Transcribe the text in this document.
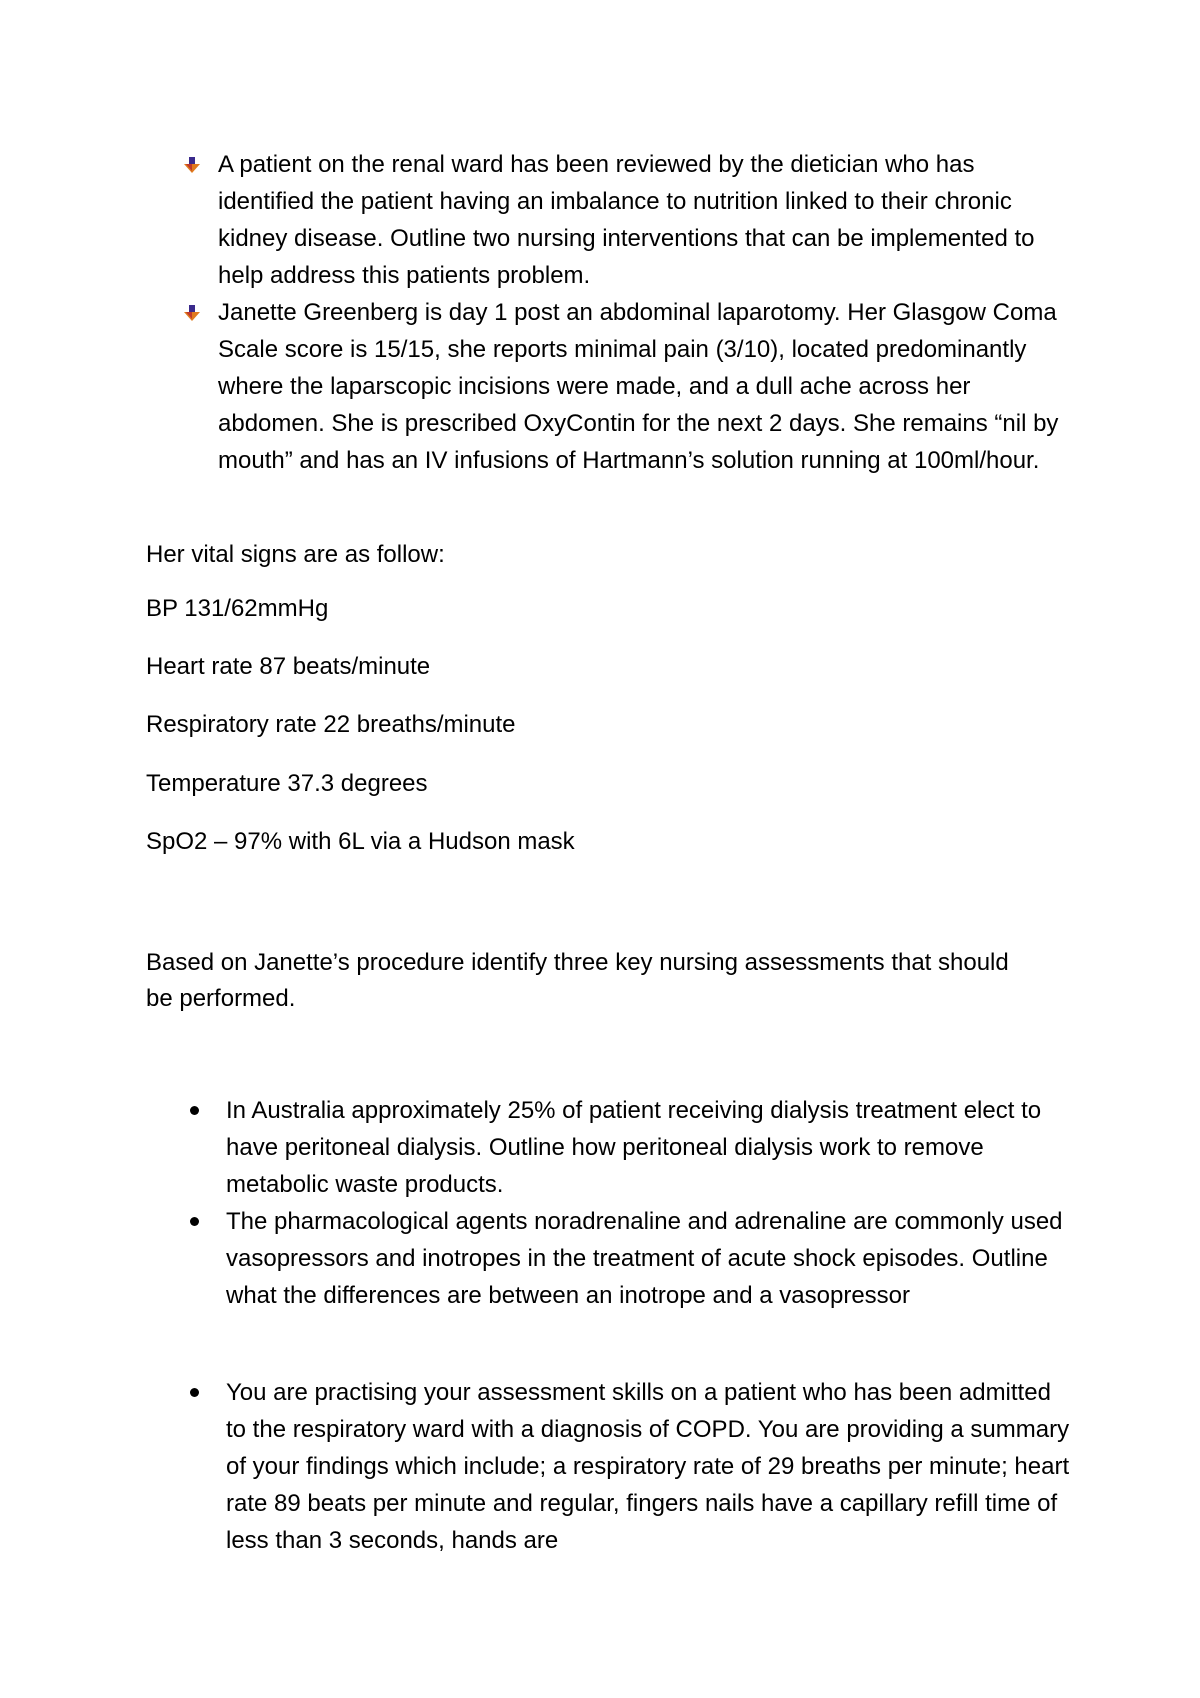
A patient on the renal ward has been reviewed by the dietician who has identified the patient having an imbalance to nutrition linked to their chronic kidney disease. Outline two nursing interventions that can be implemented to help address this patients problem.
Janette Greenberg is day 1 post an abdominal laparotomy. Her Glasgow Coma Scale score is 15/15, she reports minimal pain (3/10), located predominantly where the laparscopic incisions were made, and a dull ache across her abdomen. She is prescribed OxyContin for the next 2 days. She remains “nil by mouth” and has an IV infusions of Hartmann’s solution running at 100ml/hour.

Her vital signs are as follow:

BP 131/62mmHg

Heart rate 87 beats/minute

Respiratory rate 22 breaths/minute

Temperature 37.3 degrees

SpO2 – 97% with 6L via a Hudson mask

Based on Janette’s procedure identify three key nursing assessments that should be performed.

In Australia approximately 25% of patient receiving dialysis treatment elect to have peritoneal dialysis. Outline how peritoneal dialysis work to remove metabolic waste products.
The pharmacological agents noradrenaline and adrenaline are commonly used vasopressors and inotropes in the treatment of acute shock episodes. Outline what the differences are between an inotrope and a vasopressor
You are practising your assessment skills on a patient who has been admitted to the respiratory ward with a diagnosis of COPD. You are providing a summary of your findings which include; a respiratory rate of 29 breaths per minute; heart rate 89 beats per minute and regular, fingers nails have a capillary refill time of less than 3 seconds, hands are
